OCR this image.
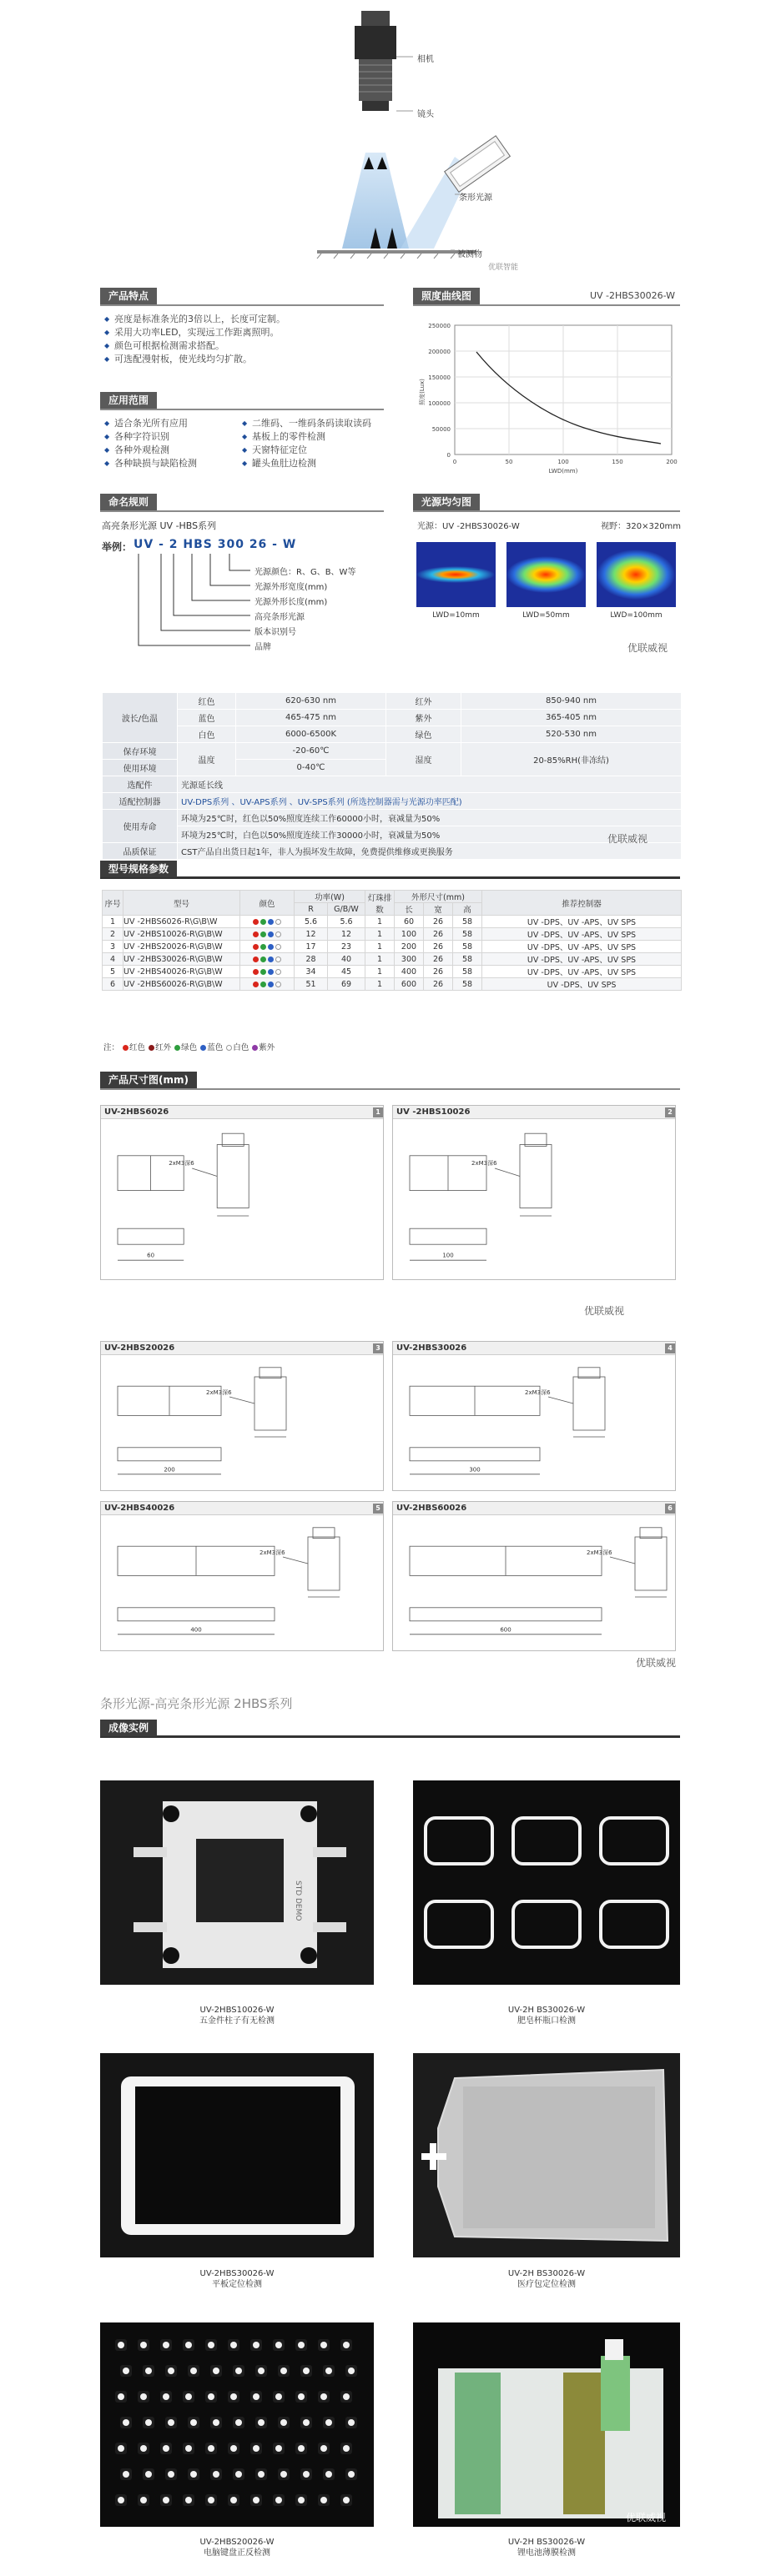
相机
镜头
条形光源
被测物
优联智能
产品特点
◆ 亮度是标准条光的3倍以上，长度可定制。
◆ 采用大功率LED，实现远工作距离照明。
◆ 颜色可根据检测需求搭配。
◆ 可选配漫射板，使光线均匀扩散。
应用范围
◆ 适合条光所有应用
◆ 各种字符识别
◆ 各种外观检测
◆ 各种缺损与缺陷检测
◆ 二维码、一维码条码读取读码
◆ 基板上的零件检测
◆ 天窗特征定位
◆ 罐头鱼肚边检测
命名规则
高亮条形光源 UV -HBS系列
举例： UV - 2 HBS 300 26 - W
光源颜色：R、G、B、W等
光源外形宽度(mm)
光源外形长度(mm)
高亮条形光源
版本识别号
品牌
照度曲线图	UV -2HBS30026-W
0
50000
100000
150000
200000
250000
0	50	100	150	200
LWD(mm)
照度(Lux)
光源均匀图
光源：UV -2HBS30026-W	视野：320×320mm
LWD=10mm	LWD=50mm	LWD=100mm
优联威视
波长/色温	红色	620-630 nm	红外	850-940 nm
	蓝色	465-475 nm	紫外	365-405 nm
	白色	6000-6500K	绿色	520-530 nm
保存环境	温度	-20-60℃	湿度	20-85%RH(非冻结)
使用环境		0-40℃		
选配件	光源延长线			
适配控制器	UV-DPS系列 、UV-APS系列 、UV-SPS系列 (所选控制器需与光源功率匹配)			
使用寿命	环境为25℃时，红色以50%照度连续工作60000小时，衰减量为50%			
	环境为25℃时，白色以50%照度连续工作30000小时，衰减量为50%			
品质保证	CST产品自出货日起1年，非人为损坏发生故障，免费提供维修或更换服务			
优联威视
型号规格参数
序号	型号	颜色	功率(W)		灯珠排数	外形尺寸(mm)			推荐控制器
			R	G/B/W		长	宽	高	
1	UV -2HBS6026-R\G\B\W		5.6	5.6	1	60	26	58	UV -DPS、UV -APS、UV SPS
2	UV -2HBS10026-R\G\B\W		12	12	1	100	26	58	UV -DPS、UV -APS、UV SPS
3	UV -2HBS20026-R\G\B\W		17	23	1	200	26	58	UV -DPS、UV -APS、UV SPS
4	UV -2HBS30026-R\G\B\W		28	40	1	300	26	58	UV -DPS、UV -APS、UV SPS
5	UV -2HBS40026-R\G\B\W		34	45	1	400	26	58	UV -DPS、UV -APS、UV SPS
6	UV -2HBS60026-R\G\B\W		51	69	1	600	26	58	UV -DPS、UV SPS
注： 红色 红外 绿色 蓝色 白色 紫外
产品尺寸图(mm)
UV-2HBS6026	1
60
2xM3深6
UV -2HBS10026	2
100
2xM3深6
UV-2HBS20026	3
200
2xM3深6
UV-2HBS30026	4
300
2xM3深6
UV-2HBS40026	5
400
2xM3深6
UV-2HBS60026	6
600
2xM3深6
优联威视
优联威视
条形光源-高亮条形光源 2HBS系列
成像实例
STD DEMO
UV-2HBS10026-W
五金件柱子有无检测
UV-2H BS30026-W
肥皂杯瓶口检测
UV-2HBS30026-W
平板定位检测
UV-2H BS30026-W
医疗包定位检测
UV-2HBS20026-W
电脑键盘正反检测
UV-2H BS30026-W
锂电池薄膜检测
优联威视
